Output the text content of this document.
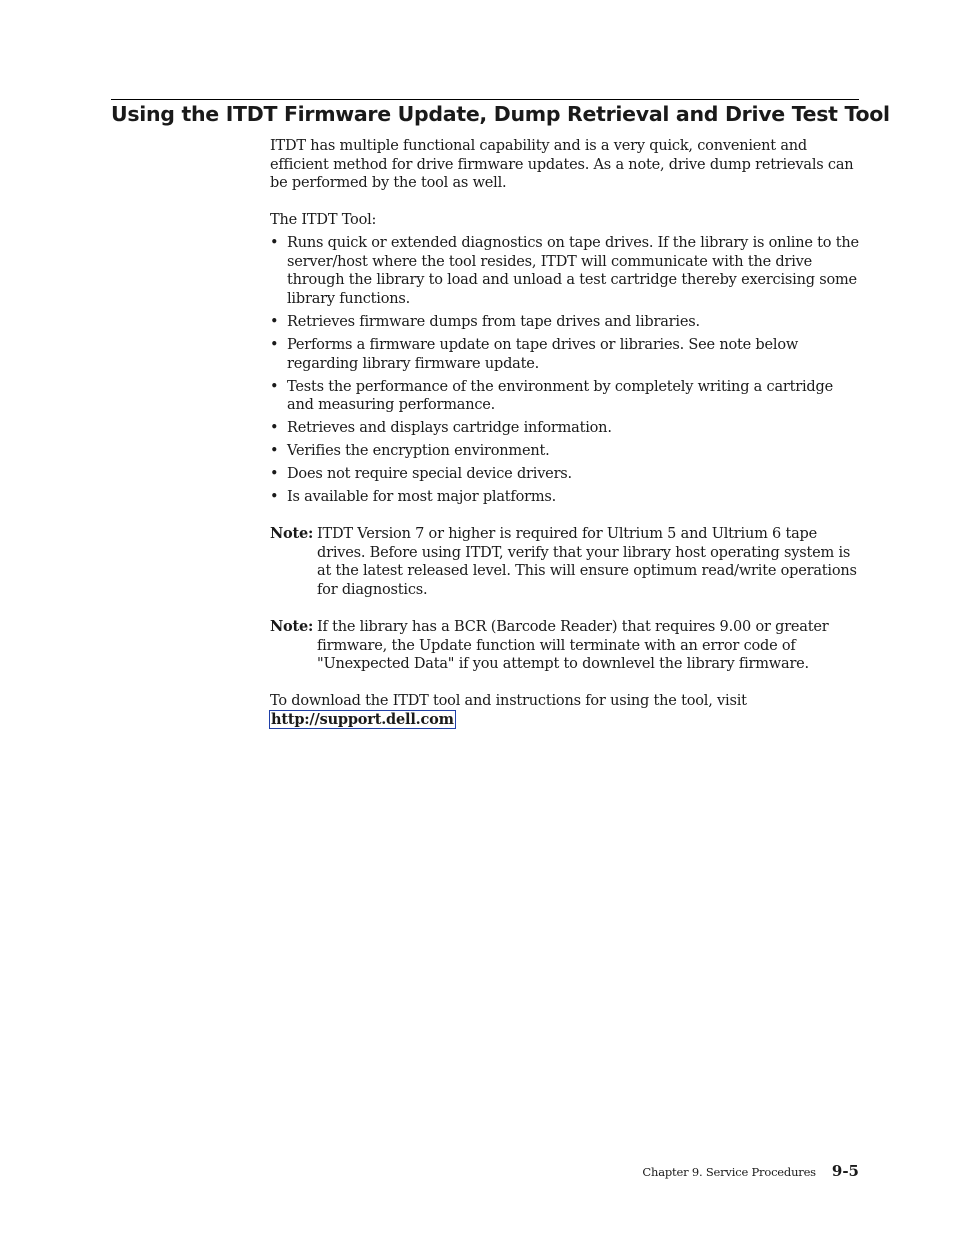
Using the ITDT Firmware Update, Dump Retrieval and Drive Test Tool

ITDT has multiple functional capability and is a very quick, convenient and efficient method for drive firmware updates. As a note, drive dump retrievals can be performed by the tool as well.

The ITDT Tool:

• Runs quick or extended diagnostics on tape drives. If the library is online to the server/host where the tool resides, ITDT will communicate with the drive through the library to load and unload a test cartridge thereby exercising some library functions.
• Retrieves firmware dumps from tape drives and libraries.
• Performs a firmware update on tape drives or libraries. See note below regarding library firmware update.
• Tests the performance of the environment by completely writing a cartridge and measuring performance.
• Retrieves and displays cartridge information.
• Verifies the encryption environment.
• Does not require special device drivers.
• Is available for most major platforms.
Note: ITDT Version 7 or higher is required for Ultrium 5 and Ultrium 6 tape drives. Before using ITDT, verify that your library host operating system is at the latest released level. This will ensure optimum read/write operations for diagnostics.
Note: If the library has a BCR (Barcode Reader) that requires 9.00 or greater firmware, the Update function will terminate with an error code of "Unexpected Data" if you attempt to downlevel the library firmware.

To download the ITDT tool and instructions for using the tool, visit
http://support.dell.com

Chapter 9. Service Procedures 9-5
